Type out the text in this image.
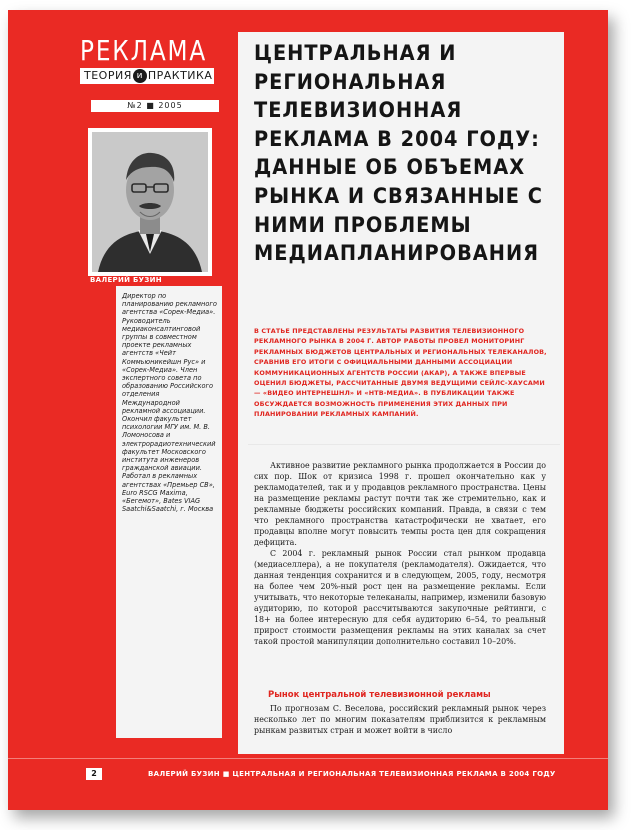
РЕКЛАМА
ТЕОРИЯ и ПРАКТИКА
№2 ■ 2005
ВАЛЕРИЙ БУЗИН
Директор по планированию рекламного агентства «Сорек-Медиа». Руководитель медиаконсалтинговой группы в совместном проекте рекламных агентств «Чейт Коммьюникейшн Рус» и «Сорек-Медиа». Член экспертного совета по образованию Российского отделения Международной рекламной ассоциации. Окончил факультет психологии МГУ им. М. В. Ломоносова и электрорадиотехнический факультет Московского института инженеров гражданской авиации. Работал в рекламных агентствах «Премьер СВ», Euro RSCG Maxima, «Бегемот», Bates VIAG Saatchi&Saatchi, г. Москва
ЦЕНТРАЛЬНАЯ И РЕГИОНАЛЬНАЯ ТЕЛЕВИЗИОННАЯ РЕКЛАМА В 2004 ГОДУ: ДАННЫЕ ОБ ОБЪЕМАХ РЫНКА И СВЯЗАННЫЕ С НИМИ ПРОБЛЕМЫ МЕДИАПЛАНИРОВАНИЯ

В СТАТЬЕ ПРЕДСТАВЛЕНЫ РЕЗУЛЬТАТЫ РАЗВИТИЯ ТЕЛЕВИЗИОННОГО РЕКЛАМНОГО РЫНКА В 2004 Г. АВТОР РАБОТЫ ПРОВЕЛ МОНИТОРИНГ РЕКЛАМНЫХ БЮДЖЕТОВ ЦЕНТРАЛЬНЫХ И РЕГИОНАЛЬНЫХ ТЕЛЕКАНАЛОВ, СРАВНИВ ЕГО ИТОГИ С ОФИЦИАЛЬНЫМИ ДАННЫМИ АССОЦИАЦИИ КОММУНИКАЦИОННЫХ АГЕНТСТВ РОССИИ (АКАР), А ТАКЖЕ ВПЕРВЫЕ ОЦЕНИЛ БЮДЖЕТЫ, РАССЧИТАННЫЕ ДВУМЯ ВЕДУЩИМИ СЕЙЛС-ХАУСАМИ — «ВИДЕО ИНТЕРНЕШНЛ» И «НТВ-МЕДИА». В ПУБЛИКАЦИИ ТАКЖЕ ОБСУЖДАЕТСЯ ВОЗМОЖНОСТЬ ПРИМЕНЕНИЯ ЭТИХ ДАННЫХ ПРИ ПЛАНИРОВАНИИ РЕКЛАМНЫХ КАМПАНИЙ.

Активное развитие рекламного рынка продолжается в России до сих пор. Шок от кризиса 1998 г. прошел окончательно как у рекламодателей, так и у продавцов рекламного пространства. Цены на размещение рекламы растут почти так же стремительно, как и рекламные бюджеты российских компаний. Правда, в связи с тем что рекламного пространства катастрофически не хватает, его продавцы вполне могут повысить темпы роста цен для сокращения дефицита.

С 2004 г. рекламный рынок России стал рынком продавца (медиаселлера), а не покупателя (рекламодателя). Ожидается, что данная тенденция сохранится и в следующем, 2005, году, несмотря на более чем 20%-ный рост цен на размещение рекламы. Если учитывать, что некоторые телеканалы, например, изменили базовую аудиторию, по которой рассчитываются закупочные рейтинги, с 18+ на более интересную для себя аудиторию 6–54, то реальный прирост стоимости размещения рекламы на этих каналах за счет такой простой манипуляции дополнительно составил 10–20%.

Рынок центральной телевизионной рекламы

По прогнозам С. Веселова, российский рекламный рынок через несколько лет по многим показателям приблизится к рекламным рынкам развитых стран и может войти в число

2	ВАЛЕРИЙ БУЗИН ■ ЦЕНТРАЛЬНАЯ И РЕГИОНАЛЬНАЯ ТЕЛЕВИЗИОННАЯ РЕКЛАМА В 2004 ГОДУ
